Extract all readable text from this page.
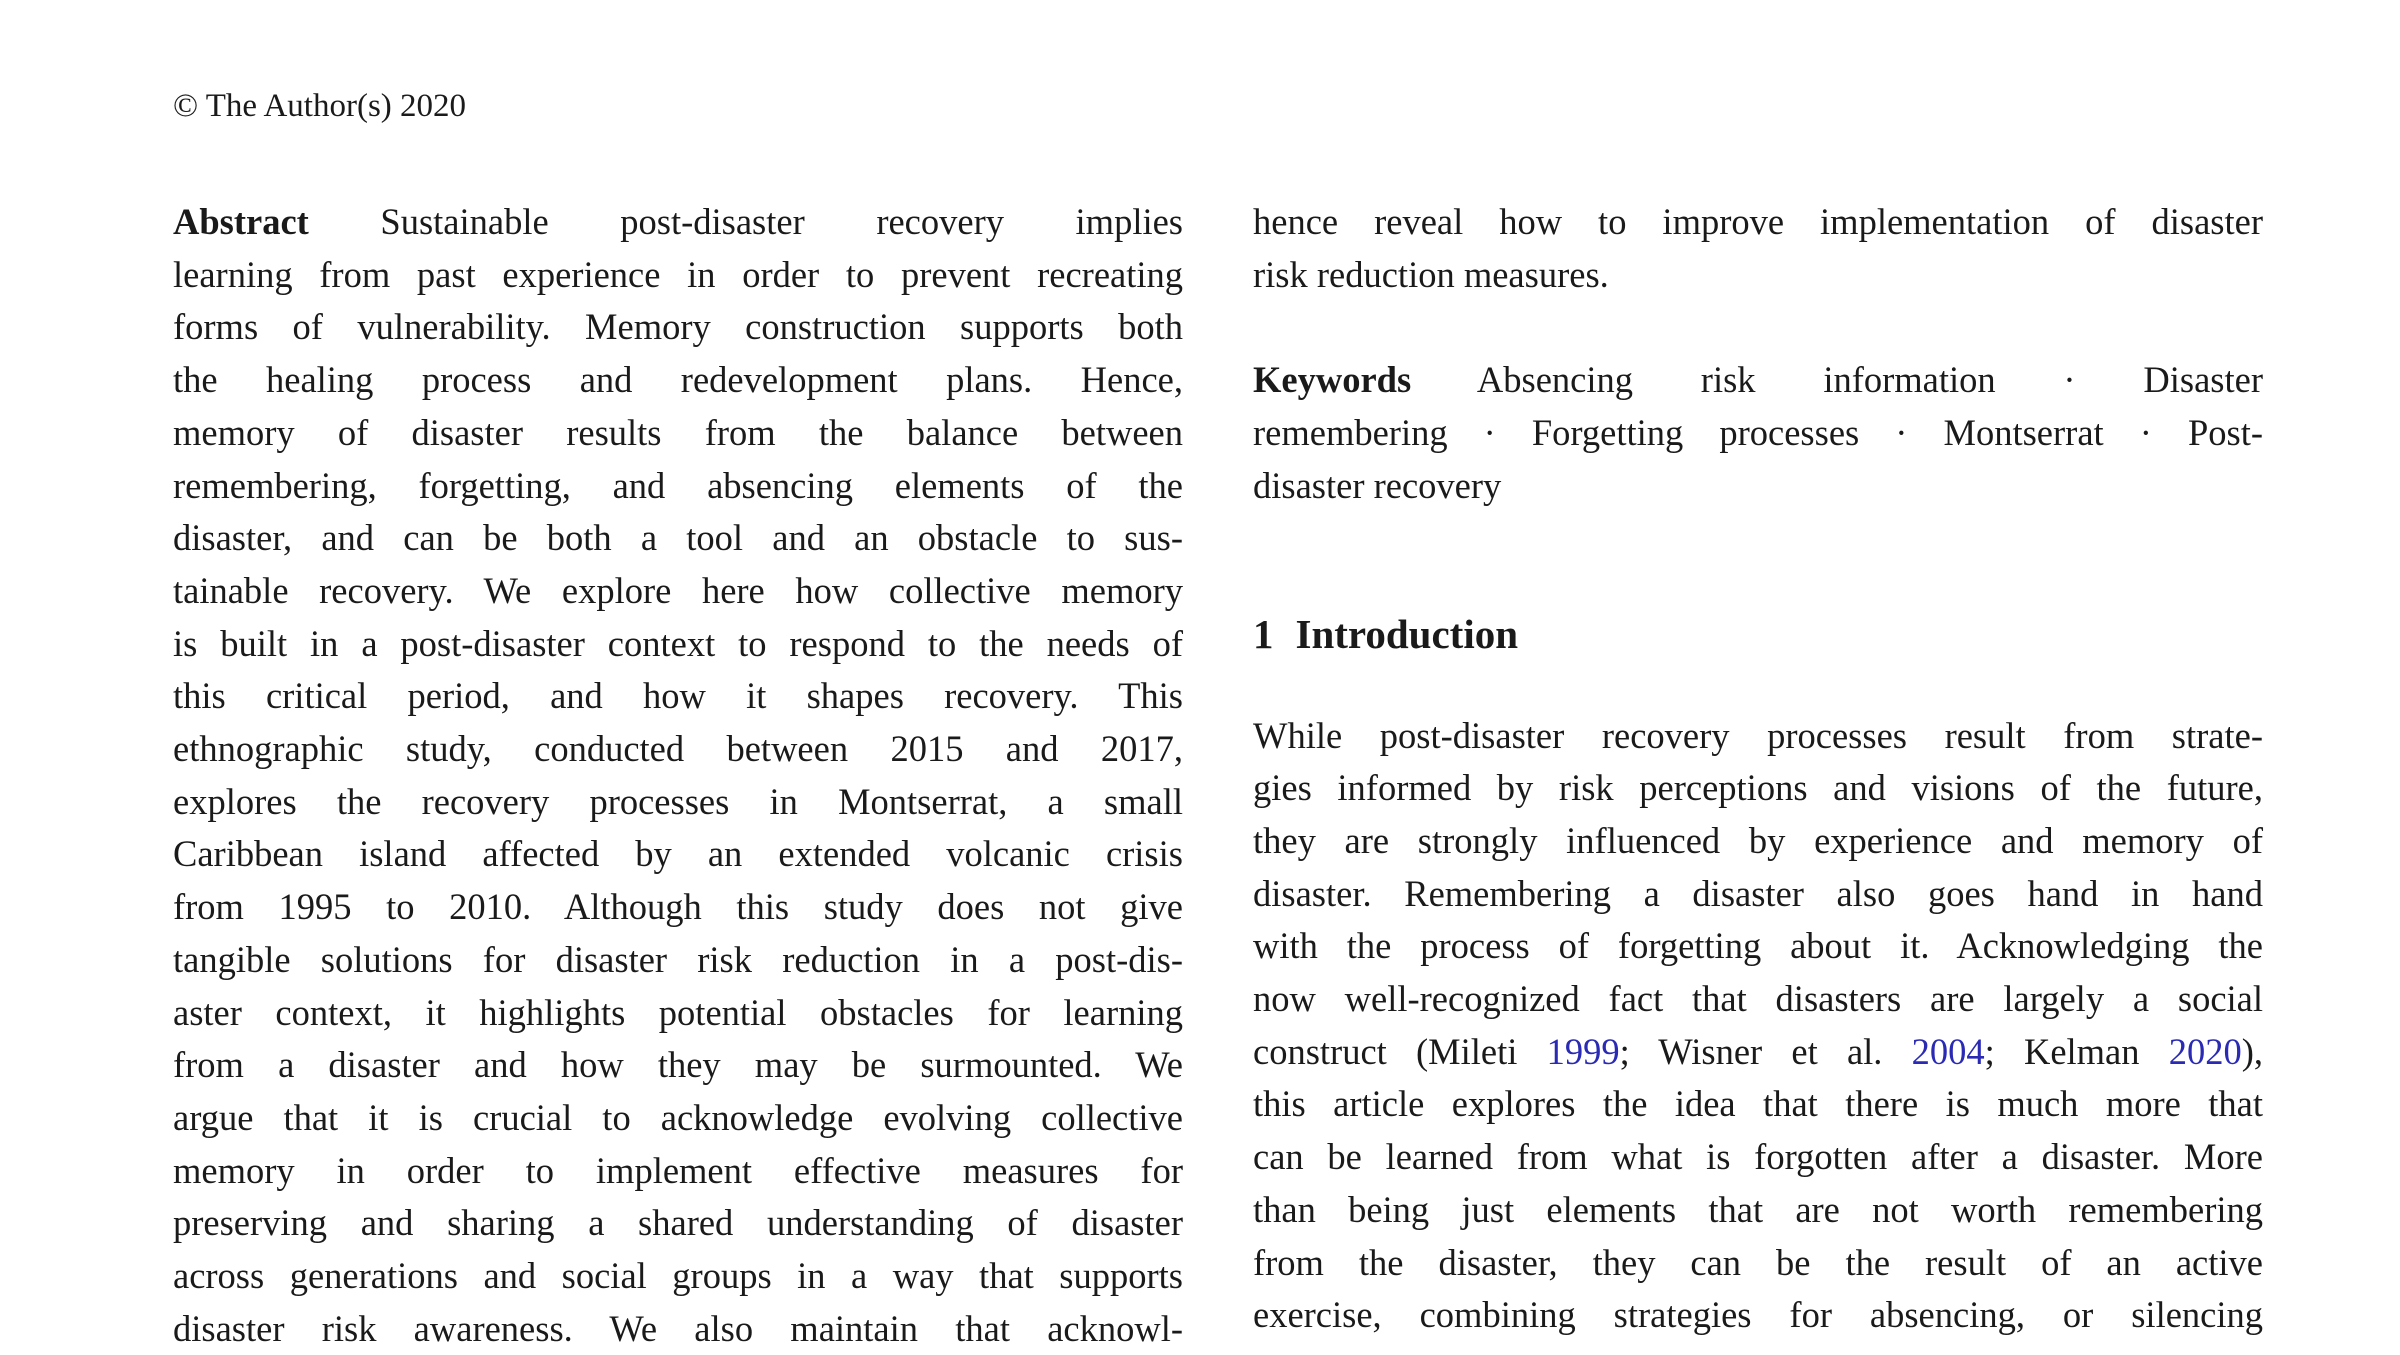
© The Author(s) 2020

Abstract Sustainable post-disaster recovery implies
learning from past experience in order to prevent recreating
forms of vulnerability. Memory construction supports both
the healing process and redevelopment plans. Hence,
memory of disaster results from the balance between
remembering, forgetting, and absencing elements of the
disaster, and can be both a tool and an obstacle to sus-
tainable recovery. We explore here how collective memory
is built in a post-disaster context to respond to the needs of
this critical period, and how it shapes recovery. This
ethnographic study, conducted between 2015 and 2017,
explores the recovery processes in Montserrat, a small
Caribbean island affected by an extended volcanic crisis
from 1995 to 2010. Although this study does not give
tangible solutions for disaster risk reduction in a post-dis-
aster context, it highlights potential obstacles for learning
from a disaster and how they may be surmounted. We
argue that it is crucial to acknowledge evolving collective
memory in order to implement effective measures for
preserving and sharing a shared understanding of disaster
across generations and social groups in a way that supports
disaster risk awareness. We also maintain that acknowl-

hence reveal how to improve implementation of disaster
risk reduction measures.

Keywords Absencing risk information · Disaster
remembering · Forgetting processes · Montserrat · Post-
disaster recovery

1 Introduction

While post-disaster recovery processes result from strate-
gies informed by risk perceptions and visions of the future,
they are strongly influenced by experience and memory of
disaster. Remembering a disaster also goes hand in hand
with the process of forgetting about it. Acknowledging the
now well-recognized fact that disasters are largely a social
construct (Mileti 1999; Wisner et al. 2004; Kelman 2020),
this article explores the idea that there is much more that
can be learned from what is forgotten after a disaster. More
than being just elements that are not worth remembering
from the disaster, they can be the result of an active
exercise, combining strategies for absencing, or silencing
